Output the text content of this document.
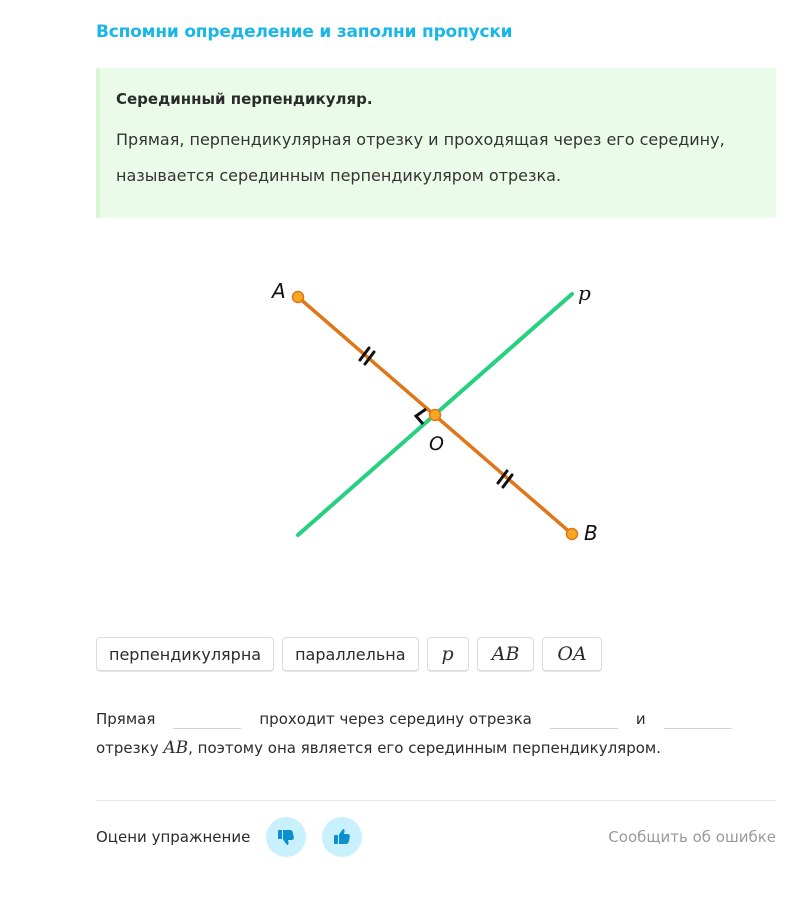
Вспомни определение и заполни пропуски

Серединный перпендикуляр.

Прямая, перпендикулярная отрезку и проходящая через его середину, называется серединным перпендикуляром отрезка.

A
O
B
p
перпендикулярна	параллельна	p	AB	OA
Прямая	проходит через середину отрезка	и
отрезку
AB , поэтому она является его серединным перпендикуляром.
Оцени упражнение	Сообщить об ошибке
